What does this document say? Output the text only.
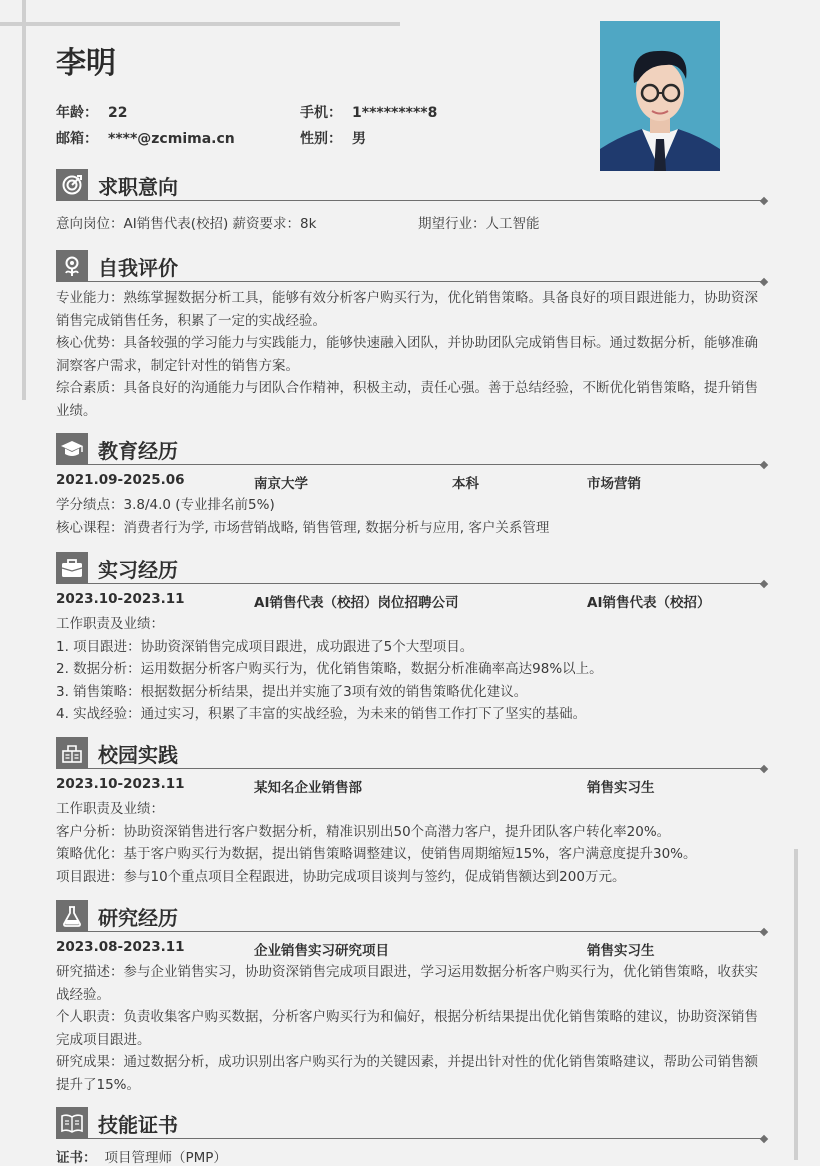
李明
年龄： 22	手机： 1*********8
邮箱： ****@zcmima.cn	性别： 男
求职意向
意向岗位：AI销售代表(校招) 薪资要求：8k	期望行业：人工智能
自我评价
专业能力：熟练掌握数据分析工具，能够有效分析客户购买行为，优化销售策略。具备良好的项目跟进能力，协助资深销售完成销售任务，积累了一定的实战经验。
核心优势：具备较强的学习能力与实践能力，能够快速融入团队，并协助团队完成销售目标。通过数据分析，能够准确洞察客户需求，制定针对性的销售方案。
综合素质：具备良好的沟通能力与团队合作精神，积极主动，责任心强。善于总结经验，不断优化销售策略，提升销售业绩。
教育经历
2021.09-2025.06	南京大学	本科	市场营销
学分绩点：3.8/4.0 (专业排名前5%)
核心课程：消费者行为学, 市场营销战略, 销售管理, 数据分析与应用, 客户关系管理
实习经历
2023.10-2023.11	AI销售代表（校招）岗位招聘公司	AI销售代表（校招）
工作职责及业绩：
1. 项目跟进：协助资深销售完成项目跟进，成功跟进了5个大型项目。
2. 数据分析：运用数据分析客户购买行为，优化销售策略，数据分析准确率高达98%以上。
3. 销售策略：根据数据分析结果，提出并实施了3项有效的销售策略优化建议。
4. 实战经验：通过实习，积累了丰富的实战经验，为未来的销售工作打下了坚实的基础。
校园实践
2023.10-2023.11	某知名企业销售部	销售实习生
工作职责及业绩：
客户分析：协助资深销售进行客户数据分析，精准识别出50个高潜力客户，提升团队客户转化率20%。
策略优化：基于客户购买行为数据，提出销售策略调整建议，使销售周期缩短15%，客户满意度提升30%。
项目跟进：参与10个重点项目全程跟进，协助完成项目谈判与签约，促成销售额达到200万元。
研究经历
2023.08-2023.11	企业销售实习研究项目	销售实习生
研究描述：参与企业销售实习，协助资深销售完成项目跟进，学习运用数据分析客户购买行为，优化销售策略，收获实战经验。
个人职责：负责收集客户购买数据，分析客户购买行为和偏好，根据分析结果提出优化销售策略的建议，协助资深销售完成项目跟进。
研究成果：通过数据分析，成功识别出客户购买行为的关键因素，并提出针对性的优化销售策略建议，帮助公司销售额提升了15%。
技能证书
证书： 项目管理师（PMP）
